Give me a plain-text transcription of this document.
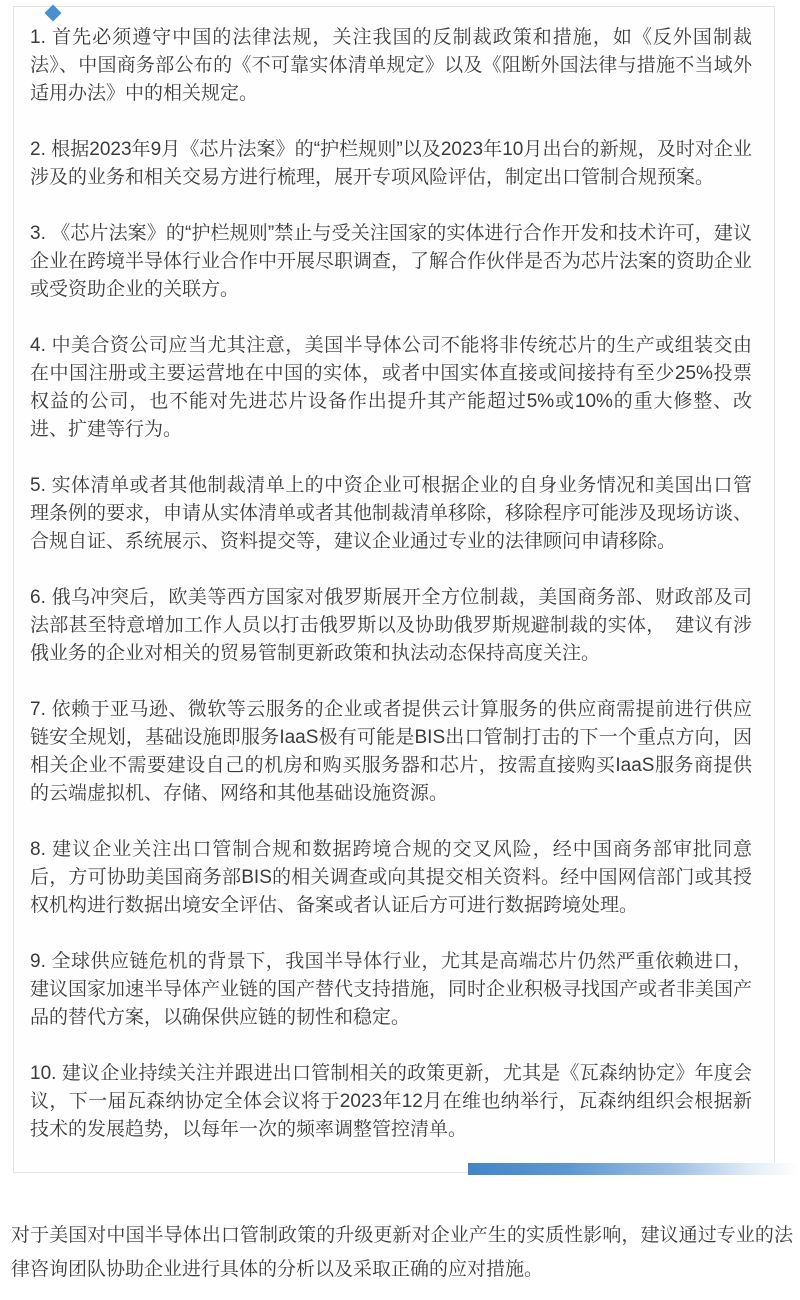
1. 首先必须遵守中国的法律法规，关注我国的反制裁政策和措施，如《反外国制裁法》、中国商务部公布的《不可靠实体清单规定》以及《阻断外国法律与措施不当域外适用办法》中的相关规定。

2. 根据2023年9月《芯片法案》的“护栏规则”以及2023年10月出台的新规，及时对企业涉及的业务和相关交易方进行梳理，展开专项风险评估，制定出口管制合规预案。

3. 《芯片法案》的“护栏规则”禁止与受关注国家的实体进行合作开发和技术许可，建议企业在跨境半导体行业合作中开展尽职调查，了解合作伙伴是否为芯片法案的资助企业或受资助企业的关联方。

4. 中美合资公司应当尤其注意，美国半导体公司不能将非传统芯片的生产或组装交由在中国注册或主要运营地在中国的实体，或者中国实体直接或间接持有至少25%投票权益的公司，也不能对先进芯片设备作出提升其产能超过5%或10%的重大修整、改进、扩建等行为。

5. 实体清单或者其他制裁清单上的中资企业可根据企业的自身业务情况和美国出口管理条例的要求，申请从实体清单或者其他制裁清单移除，移除程序可能涉及现场访谈、合规自证、系统展示、资料提交等，建议企业通过专业的法律顾问申请移除。

6. 俄乌冲突后，欧美等西方国家对俄罗斯展开全方位制裁，美国商务部、财政部及司法部甚至特意增加工作人员以打击俄罗斯以及协助俄罗斯规避制裁的实体，　建议有涉俄业务的企业对相关的贸易管制更新政策和执法动态保持高度关注。

7. 依赖于亚马逊、微软等云服务的企业或者提供云计算服务的供应商需提前进行供应链安全规划，基础设施即服务IaaS极有可能是BIS出口管制打击的下一个重点方向，因相关企业不需要建设自己的机房和购买服务器和芯片，按需直接购买IaaS服务商提供的云端虚拟机、存储、网络和其他基础设施资源。

8. 建议企业关注出口管制合规和数据跨境合规的交叉风险，经中国商务部审批同意后，方可协助美国商务部BIS的相关调查或向其提交相关资料。经中国网信部门或其授权机构进行数据出境安全评估、备案或者认证后方可进行数据跨境处理。

9. 全球供应链危机的背景下，我国半导体行业，尤其是高端芯片仍然严重依赖进口，建议国家加速半导体产业链的国产替代支持措施，同时企业积极寻找国产或者非美国产品的替代方案，以确保供应链的韧性和稳定。

10. 建议企业持续关注并跟进出口管制相关的政策更新，尤其是《瓦森纳协定》年度会议，下一届瓦森纳协定全体会议将于2023年12月在维也纳举行，瓦森纳组织会根据新技术的发展趋势，以每年一次的频率调整管控清单。

对于美国对中国半导体出口管制政策的升级更新对企业产生的实质性影响，建议通过专业的法律咨询团队协助企业进行具体的分析以及采取正确的应对措施。
